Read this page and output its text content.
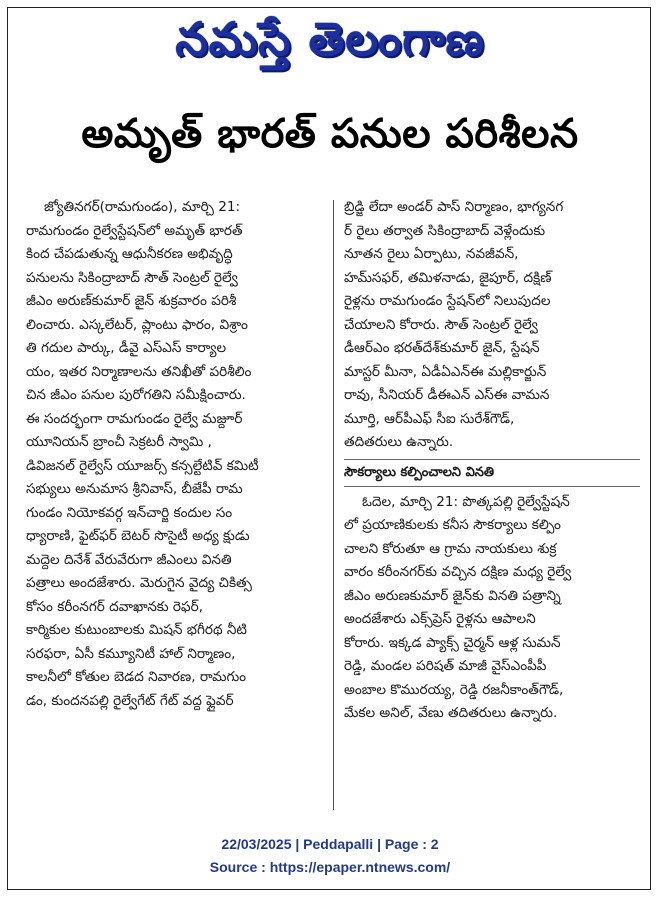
నమస్తే తెలంగాణ
అమృత్ భారత్ పనుల పరిశీలన
జ్యోతినగర్(రామగుండం), మార్చి 21:
రామగుండం రైల్వేస్టేషన్‌లో అమృత్ భారత్
కింద చేపడుతున్న ఆధునీకరణ అభివృద్ధి
పనులను సికింద్రాబాద్ సౌత్ సెంట్రల్ రైల్వే
జీఎం అరుణ్‌కుమార్ జైన్ శుక్రవారం పరిశీ
లించారు. ఎస్కలేటర్, ప్లాంటు ఫారం, విశ్రాం
తి గదుల పార్కు, డీవై ఎస్ఎస్ కార్యాల
యం, ఇతర నిర్మాణాలను తనిఖీతో పరిశీలిం
చిన జీఎం పనుల పురోగతిని సమీక్షించారు.
ఈ సందర్భంగా రామగుండం రైల్వే మజ్దూర్
యూనియన్ బ్రాంచీ సెక్రటరీ స్వామి ,
డివిజనల్ రైల్వేస్ యూజర్స్ కన్సల్టేటివ్ కమిటీ
సభ్యులు అనుమాస శ్రీనివాస్, బీజేపీ రామ
గుండం నియోకవర్గ ఇన్‌చార్జి కందుల సం
ధ్యారాణి, ఫైట్‌ఫర్ బెటర్ సొసైటీ అధ్య క్షుడు
మద్దెల దినేశ్ వేరువేరుగా జీఎంలు వినతి
పత్రాలు అందజేశారు. మెరుగైన వైద్య చికిత్స
కోసం కరీంనగర్ దవాఖానకు రెఫర్,
కార్మికుల కుటుంబాలకు మిషన్ భగీరథ నీటి
సరఫరా, ఏసీ కమ్యూనిటీ హాల్ నిర్మాణం,
కాలనీలో కోతుల బెడద నివారణ, రామగుం
డం, కుందనపల్లి రైల్వేగేట్ గేట్ వద్ద ఫ్లైవర్
బ్రిడ్జి లేదా అండర్ పాస్ నిర్మాణం, భాగ్యనగ
ర్ రైలు తర్వాత సికింద్రాబాద్ వెళ్లేందుకు
నూతన రైలు ఏర్పాటు, నవజీవన్,
హమ్‌సఫర్, తమిళనాడు, జైపూర్, దక్షిణ్
రైళ్లను రామగుండం స్టేషన్‌లో నిలుపుదల
చేయాలని కోరారు. సౌత్ సెంట్రల్ రైల్వే
డీఆర్ఎం భరత్‌దేశ్‌కుమార్ జైన్, స్టేషన్
మాస్టర్ మీనా, ఏడీఏఎన్ఈ మల్లికార్జున్
రావు, సీనియర్ డీఈఎన్ ఎస్ఈ వామన
మూర్తి, ఆర్‌పీఎఫ్ సీఐ సురేశ్‌గౌడ్,
తదితరులు ఉన్నారు.
సౌకర్యాలు కల్పించాలని వినతి
ఓదెల, మార్చి 21: పొత్కపల్లి రైల్వేస్టేషన్
లో ప్రయాణికులకు కనీస సౌకర్యాలు కల్పిం
చాలని కోరుతూ ఆ గ్రామ నాయకులు శుక్ర
వారం కరీంనగర్‌కు వచ్చిన దక్షిణ మధ్య రైల్వే
జీఎం అరుణకుమార్ జైన్‌కు వినతి పత్రాన్ని
అందజేశారు ఎక్స్‌ప్రెస్ రైళ్లను ఆపాలని
కోరారు. ఇక్కడ ప్యాక్స్ చైర్మన్ ఆళ్ల సుమన్
రెడ్డి, మండల పరిషత్ మాజీ వైస్ఎంపీపీ
అంబాల కొమురయ్య, రెడ్డి రజనీకాంత్‌గౌడ్,
మేకల అనిల్, వేణు తదితరులు ఉన్నారు.
22/03/2025 | Peddapalli | Page : 2
Source : https://epaper.ntnews.com/
